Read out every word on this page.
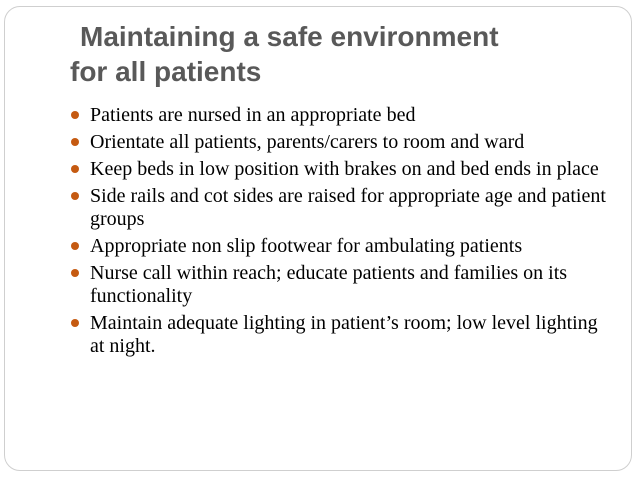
Maintaining a safe environment
for all patients
Patients are nursed in an appropriate bed
Orientate all patients, parents/carers to room and ward
Keep beds in low position with brakes on and bed ends in place
Side rails and cot sides are raised for appropriate age and patient groups
Appropriate non slip footwear for ambulating patients
Nurse call within reach; educate patients and families on its functionality
Maintain adequate lighting in patient’s room; low level lighting at night.
